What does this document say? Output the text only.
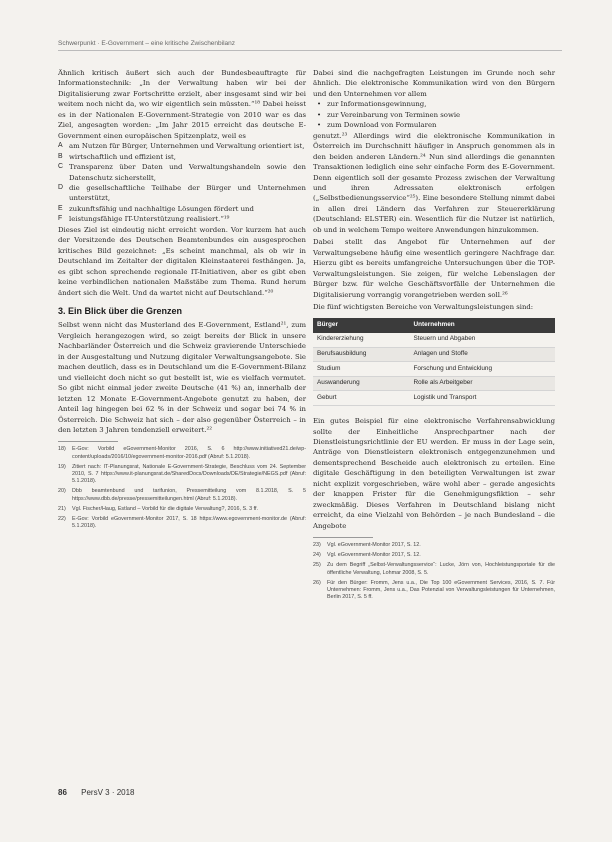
Schwerpunkt · E-Government – eine kritische Zwischenbilanz

Ähnlich kritisch äußert sich auch der Bundesbeauftragte für Informationstechnik: „In der Verwaltung haben wir bei der Digitalisierung zwar Fortschritte erzielt, aber insgesamt sind wir bei weitem noch nicht da, wo wir eigentlich sein müssten.“¹⁸ Dabei heisst es in der Nationalen E-Government-Strategie von 2010 war es das Ziel, angesagten worden: „Im Jahr 2015 erreicht das deutsche E-Government einen europäischen Spitzenplatz, weil es

A am Nutzen für Bürger, Unternehmen und Verwaltung orientiert ist,
B wirtschaftlich und effizient ist,
C Transparenz über Daten und Verwaltungshandeln sowie den Datenschutz sicherstellt,
D die gesellschaftliche Teilhabe der Bürger und Unternehmen unterstützt,
E zukunftsfähig und nachhaltige Lösungen fördert und
F leistungsfähige IT-Unterstützung realisiert.“¹⁹

Dieses Ziel ist eindeutig nicht erreicht worden. Vor kurzem hat auch der Vorsitzende des Deutschen Beamtenbundes ein ausgesprochen kritisches Bild gezeichnet: „Es scheint manchmal, als ob wir in Deutschland im Zeitalter der digitalen Kleinstaaterei festhängen. Ja, es gibt schon sprechende regionale IT-Initiativen, aber es gibt eben keine verbindlichen nationalen Maßstäbe zum Thema. Rund herum ändert sich die Welt. Und da wartet nicht auf Deutschland.“²⁰

3. Ein Blick über die Grenzen

Selbst wenn nicht das Musterland des E-Government, Estland²¹, zum Vergleich herangezogen wird, so zeigt bereits der Blick in unsere Nachbarländer Österreich und die Schweiz gravierende Unterschiede in der Ausgestaltung und Nutzung digitaler Verwaltungsangebote. Sie machen deutlich, dass es in Deutschland um die E-Government-Bilanz und vielleicht doch nicht so gut bestellt ist, wie es vielfach vermutet. So gibt nicht einmal jeder zweite Deutsche (41 %) an, innerhalb der letzten 12 Monate E-Government-Angebote genutzt zu haben, der Anteil lag hingegen bei 62 % in der Schweiz und sogar bei 74 % in Österreich. Die Schweiz hat sich – der also gegenüber Österreich – in den letzten 3 Jahren tendenziell erweitert.²²

18)	E-Gov: Vorbild eGovernment-Monitor 2016, S. 6 http://www.initiatived21.de/wp-content/uploads/2016/10/egovernment-monitor-2016.pdf (Abruf: 5.1.2018).
19)	Zitiert nach: IT-Planungsrat, Nationale E-Government-Strategie, Beschluss vom 24. September 2010, S. 7 https://www.it-planungsrat.de/SharedDocs/Downloads/DE/Strategie/NEGS.pdf (Abruf: 5.1.2018).
20)	Dbb beamtenbund und tarifunion, Pressemitteilung vom 8.1.2018, S. 5 https://www.dbb.de/presse/pressemitteilungen.html (Abruf: 5.1.2018).
21)	Vgl. Fischer/Haug, Estland – Vorbild für die digitale Verwaltung?, 2016, S. 3 ff.
22)	E-Gov: Vorbild eGovernment-Monitor 2017, S. 18 https://www.egovernment-monitor.de (Abruf: 5.1.2018).

Dabei sind die nachgefragten Leistungen im Grunde noch sehr ähnlich. Die elektronische Kommunikation wird von den Bürgern und den Unternehmen vor allem

• zur Informationsgewinnung,
• zur Vereinbarung von Terminen sowie
• zum Download von Formularen

genutzt.²³ Allerdings wird die elektronische Kommunikation in Österreich im Durchschnitt häufiger in Anspruch genommen als in den beiden anderen Ländern.²⁴ Nun sind allerdings die genannten Transaktionen lediglich eine sehr einfache Form des E-Government. Denn eigentlich soll der gesamte Prozess zwischen der Verwaltung und ihren Adressaten elektronisch erfolgen („Selbstbedienungsservice“²⁵). Eine besondere Stellung nimmt dabei in allen drei Ländern das Verfahren zur Steuererklärung (Deutschland: ELSTER) ein. Wesentlich für die Nutzer ist natürlich, ob und in welchem Tempo weitere Anwendungen hinzukommen.

Dabei stellt das Angebot für Unternehmen auf der Verwaltungsebene häufig eine wesentlich geringere Nachfrage dar. Hierzu gibt es bereits umfangreiche Untersuchungen über die TOP-Verwaltungsleistungen. Sie zeigen, für welche Lebenslagen der Bürger bzw. für welche Geschäftsvorfälle der Unternehmen die Digitalisierung vorrangig vorangetrieben werden soll.²⁶

Die fünf wichtigsten Bereiche von Verwaltungsleistungen sind:

Bürger	Unternehmen
Kindererziehung	Steuern und Abgaben
Berufsausbildung	Anlagen und Stoffe
Studium	Forschung und Entwicklung
Auswanderung	Rolle als Arbeitgeber
Geburt	Logistik und Transport

Ein gutes Beispiel für eine elektronische Verfahrensabwicklung sollte der Einheitliche Ansprechpartner nach der Dienstleistungsrichtlinie der EU werden. Er muss in der Lage sein, Anträge von Dienstleistern elektronisch entgegenzunehmen und dementsprechend Bescheide auch elektronisch zu erteilen. Eine digitale Geschäftigung in den beteiligten Verwaltungen ist zwar nicht explizit vorgeschrieben, wäre wohl aber – gerade angesichts der knappen Frister für die Genehmigungsfiktion – sehr zweckmäßig. Dieses Verfahren in Deutschland bislang nicht erreicht, da eine Vielzahl von Behörden – je nach Bundesland – die Angebote

23)	Vgl. eGovernment-Monitor 2017, S. 12.
24)	Vgl. eGovernment-Monitor 2017, S. 12.
25)	Zu dem Begriff „Selbst-Verwaltungsservice“: Lucke, Jörn von, Hochleistungsportale für die öffentliche Verwaltung, Lohmar 2008, S. 5.
26)	Für den Bürger: Fromm, Jens u.a., Die Top 100 eGovernment Services, 2016, S. 7. Für Unternehmen: Fromm, Jens u.a., Das Potenzial von Verwaltungsleistungen für Unternehmen, Berlin 2017, S. 5 ff.
86 PersV 3 · 2018
